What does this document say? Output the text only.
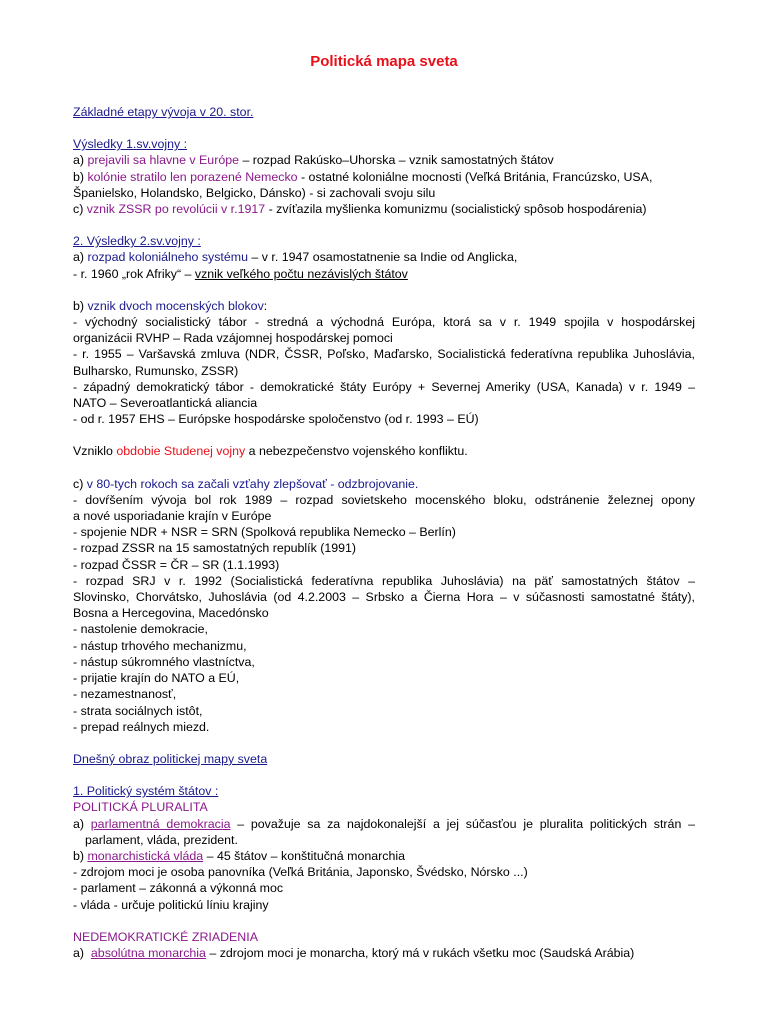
Politická mapa sveta
Základné etapy vývoja v 20. stor.
Výsledky 1.sv.vojny :
a) prejavili sa hlavne v Európe – rozpad Rakúsko–Uhorska – vznik samostatných štátov
b) kolónie stratilo len porazené Nemecko - ostatné koloniálne mocnosti (Veľká Británia, Francúzsko, USA,
Španielsko, Holandsko, Belgicko, Dánsko) - si zachovali svoju silu
c) vznik ZSSR po revolúcii v r.1917 - zvíťazila myšlienka komunizmu (socialistický spôsob hospodárenia)
2. Výsledky 2.sv.vojny :
a) rozpad koloniálneho systému – v r. 1947 osamostatnenie sa Indie od Anglicka,
- r. 1960 „rok Afriky“ – vznik veľkého počtu nezávislých štátov
b) vznik dvoch mocenských blokov:
- východný socialistický tábor - stredná a východná Európa, ktorá sa v r. 1949 spojila v hospodárskej
organizácii RVHP – Rada vzájomnej hospodárskej pomoci
- r. 1955 – Varšavská zmluva (NDR, ČSSR, Poľsko, Maďarsko, Socialistická federatívna republika Juhoslávia,
Bulharsko, Rumunsko, ZSSR)
- západný demokratický tábor - demokratické štáty Európy + Severnej Ameriky (USA, Kanada) v r. 1949 –
NATO – Severoatlantická aliancia
- od r. 1957 EHS – Európske hospodárske spoločenstvo (od r. 1993 – EÚ)
Vzniklo obdobie Studenej vojny a nebezpečenstvo vojenského konfliktu.
c) v 80-tych rokoch sa začali vzťahy zlepšovať - odzbrojovanie.
- dovŕšením vývoja bol rok 1989 – rozpad sovietskeho mocenského bloku, odstránenie železnej opony
a nové usporiadanie krajín v Európe
- spojenie NDR + NSR = SRN (Spolková republika Nemecko – Berlín)
- rozpad ZSSR na 15 samostatných republík (1991)
- rozpad ČSSR = ČR – SR (1.1.1993)
- rozpad SRJ v r. 1992 (Socialistická federatívna republika Juhoslávia) na päť samostatných štátov –
Slovinsko, Chorvátsko, Juhoslávia (od 4.2.2003 – Srbsko a Čierna Hora – v súčasnosti samostatné štáty),
Bosna a Hercegovina, Macedónsko
- nastolenie demokracie,
- nástup trhového mechanizmu,
- nástup súkromného vlastníctva,
- prijatie krajín do NATO a EÚ,
- nezamestnanosť,
- strata sociálnych istôt,
- prepad reálnych miezd.
Dnešný obraz politickej mapy sveta
1. Politický systém štátov :
POLITICKÁ PLURALITA
a) parlamentná demokracia – považuje sa za najdokonalejší a jej súčasťou je pluralita politických strán –
parlament, vláda, prezident.
b) monarchistická vláda – 45 štátov – konštitučná monarchia
- zdrojom moci je osoba panovníka (Veľká Británia, Japonsko, Švédsko, Nórsko ...)
- parlament – zákonná a výkonná moc
- vláda - určuje politickú líniu krajiny
NEDEMOKRATICKÉ ZRIADENIA
a)  absolútna monarchia – zdrojom moci je monarcha, ktorý má v rukách všetku moc (Saudská Arábia)
